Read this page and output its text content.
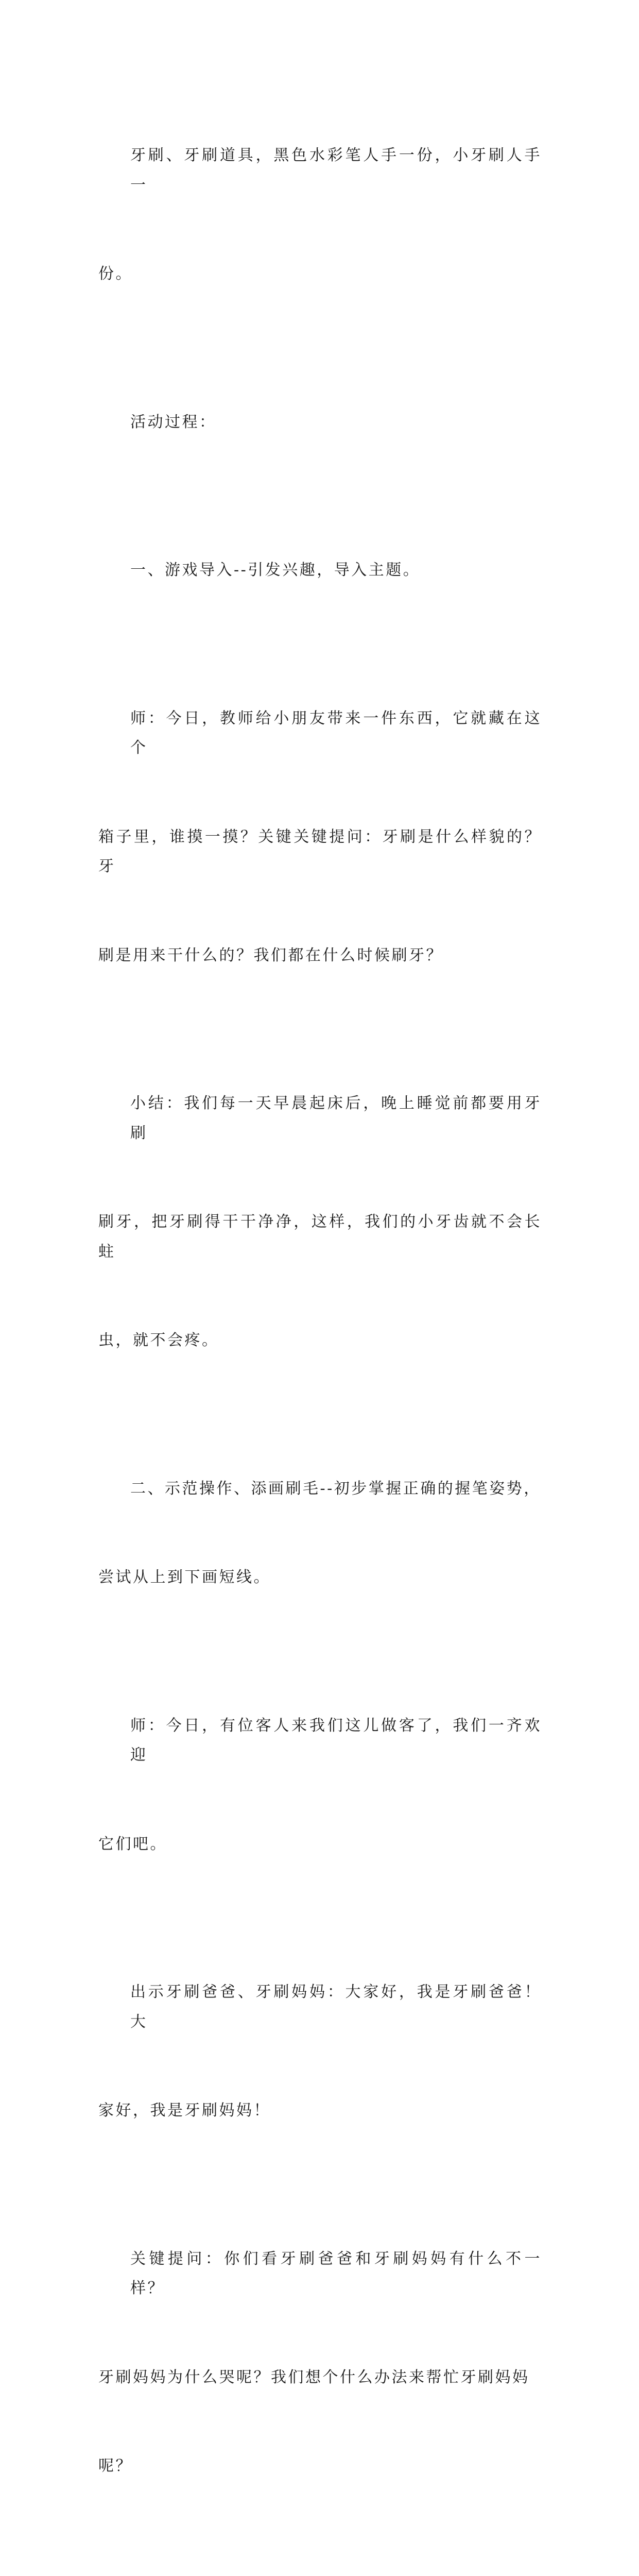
牙刷、牙刷道具，黑色水彩笔人手一份，小牙刷人手一

份。

活动过程：

一、游戏导入--引发兴趣，导入主题。

师：今日，教师给小朋友带来一件东西，它就藏在这个

箱子里，谁摸一摸？关键关键提问：牙刷是什么样貌的？牙

刷是用来干什么的？我们都在什么时候刷牙？

小结：我们每一天早晨起床后，晚上睡觉前都要用牙刷

刷牙，把牙刷得干干净净，这样，我们的小牙齿就不会长蛀

虫，就不会疼。

二、示范操作、添画刷毛--初步掌握正确的握笔姿势，

尝试从上到下画短线。

师：今日，有位客人来我们这儿做客了，我们一齐欢迎

它们吧。

出示牙刷爸爸、牙刷妈妈：大家好，我是牙刷爸爸！大

家好，我是牙刷妈妈！

关键提问：你们看牙刷爸爸和牙刷妈妈有什么不一样？

牙刷妈妈为什么哭呢？我们想个什么办法来帮忙牙刷妈妈

呢？
